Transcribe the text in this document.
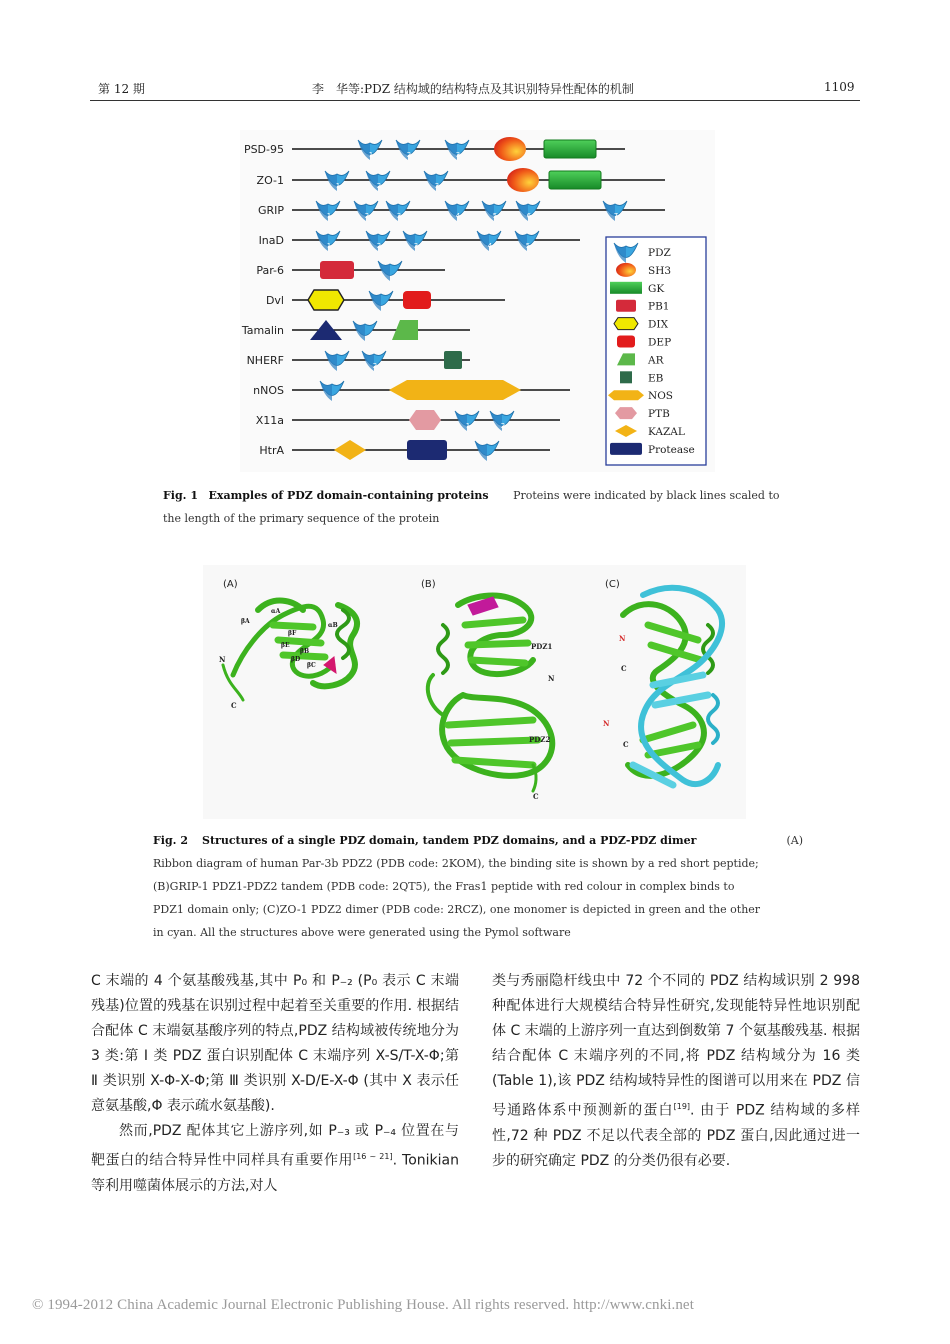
第 12 期	李　华等:PDZ 结构域的结构特点及其识别特异性配体的机制	1109
PSD-95	1	2	3
ZO-1	1	2	3
GRIP	1	2	3	4	5	6	7
InaD	1	2	3	4	5
Par-6
Dvl
Tamalin
NHERF	2
nNOS
X11a	1	2
HtrA
PDZ
SH3
GK
PB1
DIX
DEP
AR
EB
NOS
PTB
KAZAL
Protease
Fig. 1 Examples of PDZ domain-containing proteins Proteins were indicated by black lines scaled to
the length of the primary sequence of the protein
(A)	(B)	(C)
N
C
PDZ1
PDZ2
N
C
N
C
N
C
βA
αA
βF
βB
βC
βE
βD
αB
Fig. 2 Structures of a single PDZ domain, tandem PDZ domains, and a PDZ-PDZ dimer	(A)

Ribbon diagram of human Par-3b PDZ2 (PDB code: 2KOM), the binding site is shown by a red short peptide;
(B)GRIP-1 PDZ1-PDZ2 tandem (PDB code: 2QT5), the Fras1 peptide with red colour in complex binds to
PDZ1 domain only; (C)ZO-1 PDZ2 dimer (PDB code: 2RCZ), one monomer is depicted in green and the other
in cyan. All the structures above were generated using the Pymol software

C 末端的 4 个氨基酸残基,其中 P₀ 和 P₋₂ (P₀ 表示 C 末端残基)位置的残基在识别过程中起着至关重要的作用. 根据结合配体 C 末端氨基酸序列的特点,PDZ 结构域被传统地分为 3 类:第 Ⅰ 类 PDZ 蛋白识别配体 C 末端序列 X-S/T-X-Φ;第 Ⅱ 类识别 X-Φ-X-Φ;第 Ⅲ 类识别 X-D/E-X-Φ (其中 X 表示任意氨基酸,Φ 表示疏水氨基酸).

然而,PDZ 配体其它上游序列,如 P₋₃ 或 P₋₄ 位置在与靶蛋白的结合特异性中同样具有重要作用[16 ~ 21]. Tonikian 等利用噬菌体展示的方法,对人

类与秀丽隐杆线虫中 72 个不同的 PDZ 结构域识别 2 998 种配体进行大规模结合特异性研究,发现能特异性地识别配体 C 末端的上游序列一直达到倒数第 7 个氨基酸残基. 根据结合配体 C 末端序列的不同,将 PDZ 结构域分为 16 类 (Table 1),该 PDZ 结构域特异性的图谱可以用来在 PDZ 信号通路体系中预测新的蛋白[19]. 由于 PDZ 结构域的多样性,72 种 PDZ 不足以代表全部的 PDZ 蛋白,因此通过进一步的研究确定 PDZ 的分类仍很有必要.

© 1994-2012 China Academic Journal Electronic Publishing House. All rights reserved. http://www.cnki.net
